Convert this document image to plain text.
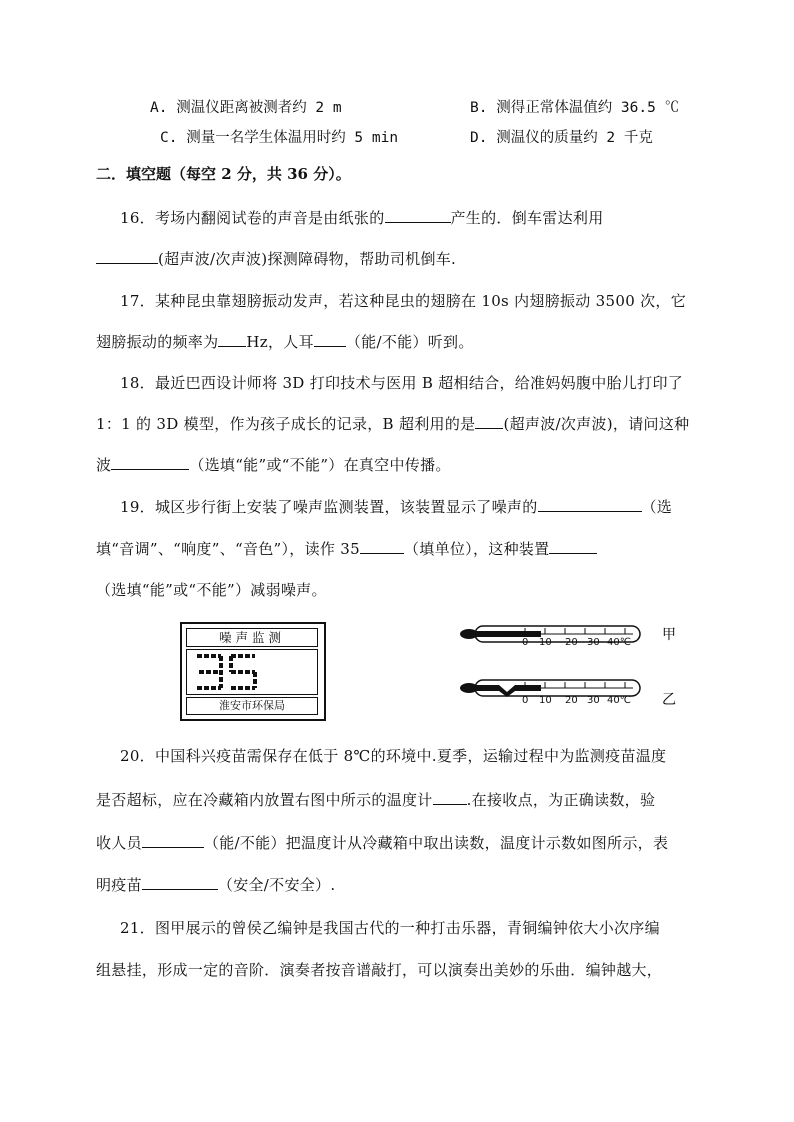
A. 测温仪距离被测者约 2 m	B. 测得正常体温值约 36.5 ℃
C. 测量一名学生体温用时约 5 min	D. 测温仪的质量约 2 千克
二．填空题（每空 2 分，共 36 分）。
16．考场内翻阅试卷的声音是由纸张的	产生的．倒车雷达利用
(超声波/次声波)探测障碍物，帮助司机倒车.
17．某种昆虫靠翅膀振动发声，若这种昆虫的翅膀在 10s 内翅膀振动 3500 次，它
翅膀振动的频率为 Hz，人耳 （能/不能）听到。
18．最近巴西设计师将 3D 打印技术与医用 B 超相结合，给准妈妈腹中胎儿打印了
1：1 的 3D 模型，作为孩子成长的记录，B 超利用的是 (超声波/次声波)，请问这种
波	（选填“能”或“不能”）在真空中传播。
19．城区步行街上安装了噪声监测装置，该装置显示了噪声的	（选
填“音调”、“响度”、“音色”），读作 35	（填单位），这种装置
（选填“能”或“不能”）减弱噪声。
噪声监测
35
淮安市环保局
0 10 20 30 40℃ 甲
0 10 20 30 40℃ 乙
20．中国科兴疫苗需保存在低于 8℃的环境中.夏季，运输过程中为监测疫苗温度
是否超标，应在冷藏箱内放置右图中所示的温度计 .在接收点，为正确读数，验
收人员	（能/不能）把温度计从冷藏箱中取出读数，温度计示数如图所示，表
明疫苗	（安全/不安全）.
21．图甲展示的曾侯乙编钟是我国古代的一种打击乐器，青铜编钟依大小次序编
组悬挂，形成一定的音阶．演奏者按音谱敲打，可以演奏出美妙的乐曲．编钟越大，
